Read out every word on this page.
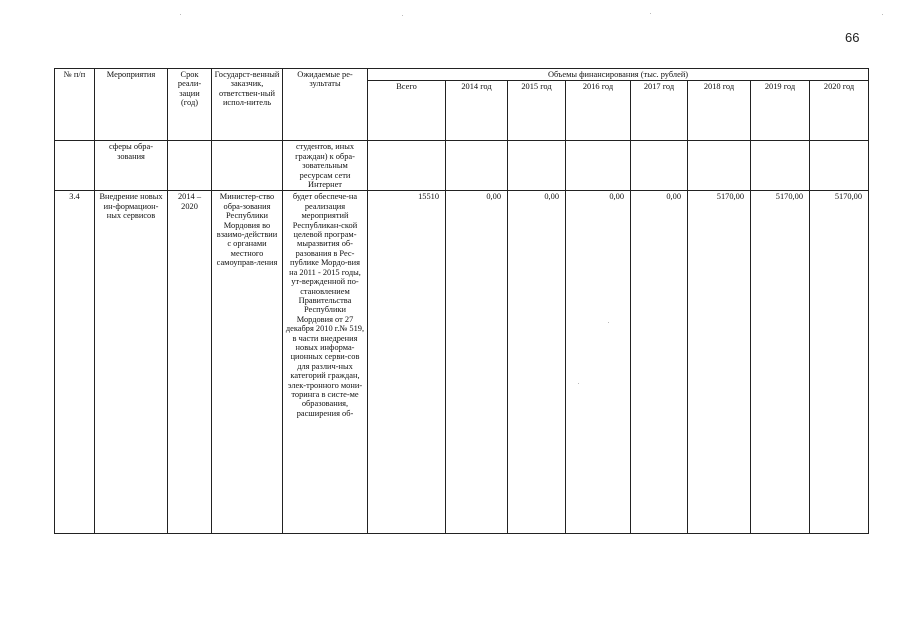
66
№ п/п	Мероприятия	Срок реали-зации (год)	Государст-венный заказчик, ответствен-ный испол-нитель	Ожидаемые ре-зультаты	Объемы финансирования (тыс. рублей)							
					Всего	2014 год	2015 год	2016 год	2017 год	2018 год	2019 год	2020 год
	сферы обра-зования			студентов, иных граждан) к обра-зовательным ресурсам сети Интернет								
3.4	Внедрение новых ин-формацион-ных сервисов	2014 – 2020	Министер-ство обра-зования Республики Мордовия во взаимо-действии с органами местного самоуправ-ления	будет обеспече-на реализация мероприятий Республикан-ской целевой програм-мыразвития об-разования в Рес-публике Мордо-вия на 2011 - 2015 годы, ут-вержденной по-становлением Правительства Республики Мордовия от 27 декабря 2010 г.№ 519, в части внедрения новых информа-ционных серви-сов для различ-ных категорий граждан, элек-тронного мони-торинга в систе-ме образования, расширения об-	15510	0,00	0,00	0,00	0,00	5170,00	5170,00	5170,00
